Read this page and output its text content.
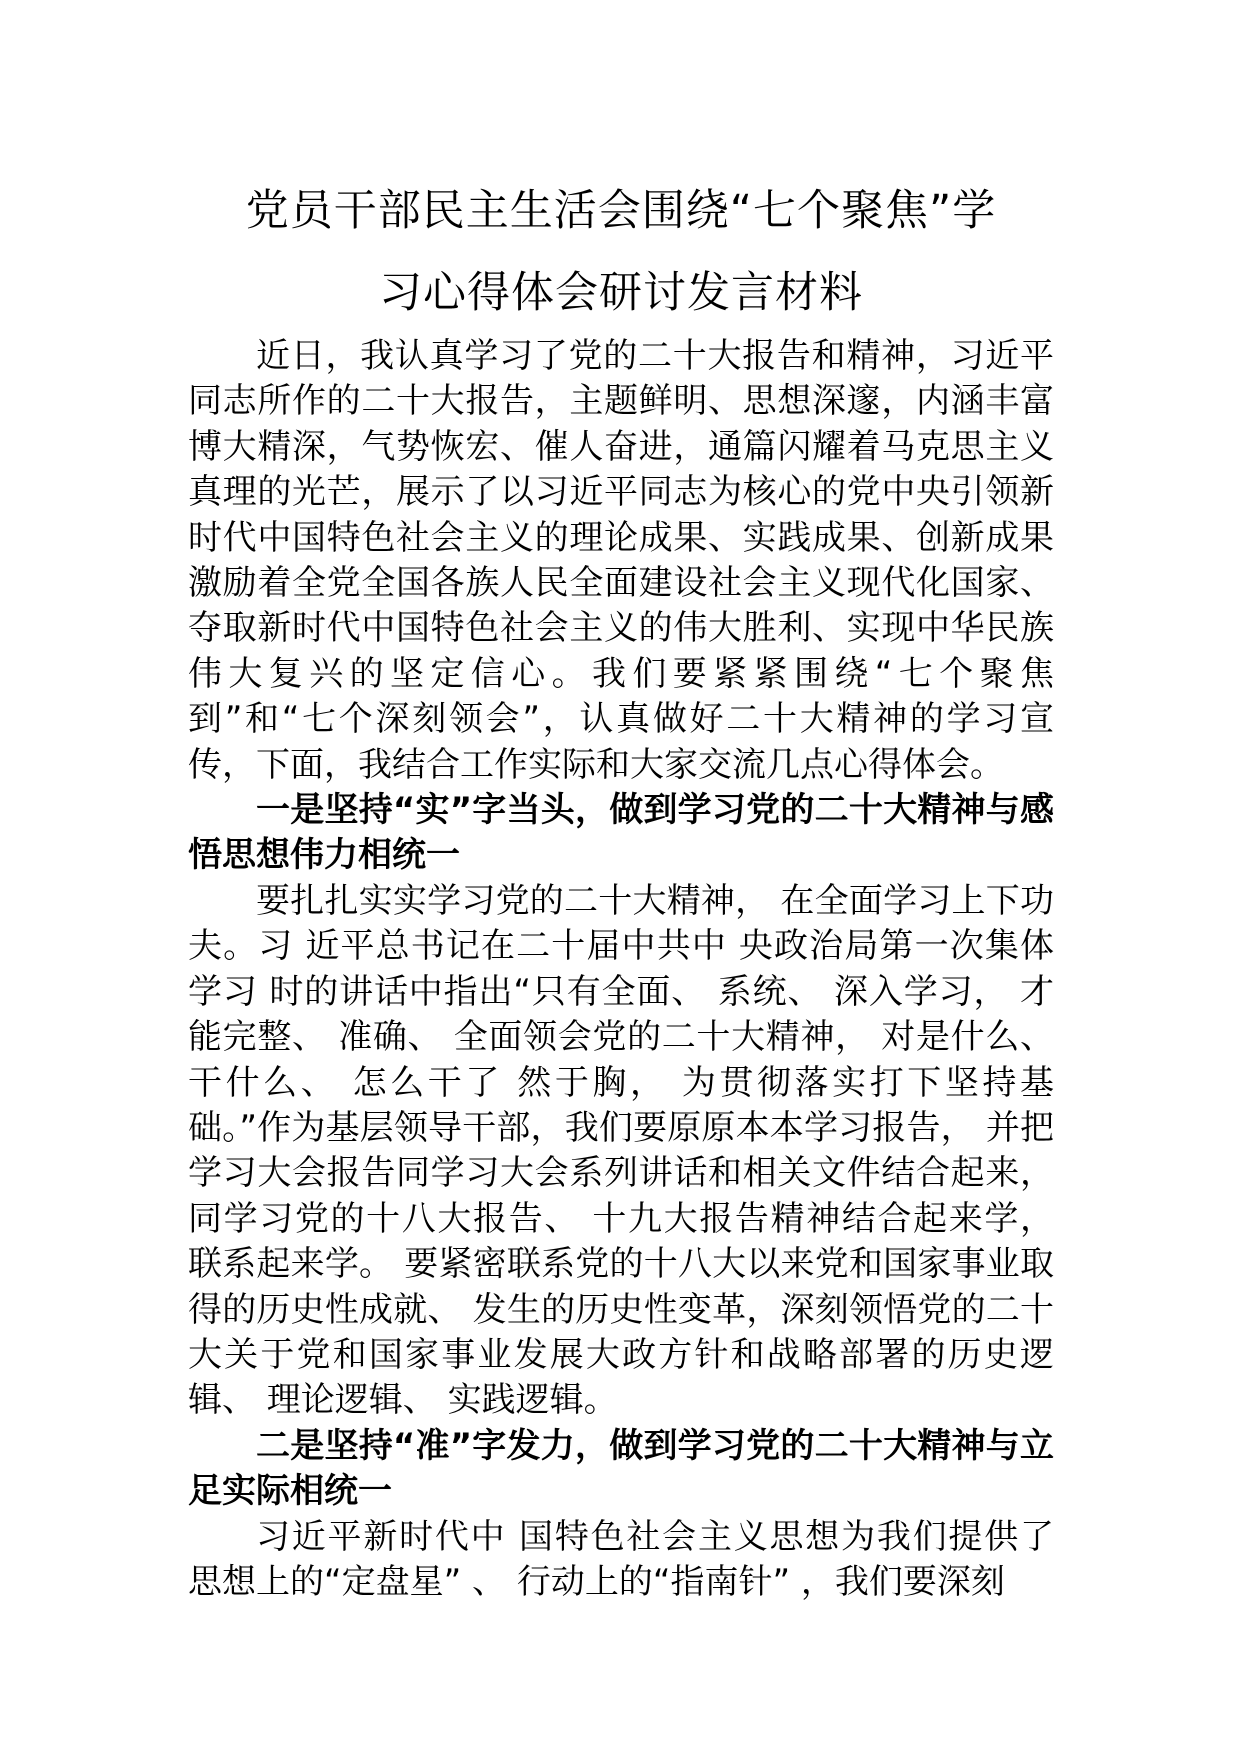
党员干部民主生活会围绕“七个聚焦”学
习心得体会研讨发言材料

近日，我认真学习了党的二十大报告和精神，习近平同志所作的二十大报告，主题鲜明、思想深邃，内涵丰富博大精深，气势恢宏、催人奋进，通篇闪耀着马克思主义真理的光芒，展示了以习近平同志为核心的党中央引领新时代中国特色社会主义的理论成果、实践成果、创新成果激励着全党全国各族人民全面建设社会主义现代化国家、夺取新时代中国特色社会主义的伟大胜利、实现中华民族伟大复兴的坚定信心。我们要紧紧围绕“七个聚焦到”和“七个深刻领会”，认真做好二十大精神的学习宣传，下面，我结合工作实际和大家交流几点心得体会。

一是坚持“实”字当头，做到学习党的二十大精神与感悟思想伟力相统一

要扎扎实实学习党的二十大精神， 在全面学习上下功夫。习 近平总书记在二十届中共中 央政治局第一次集体学习 时的讲话中指出“只有全面、 系统、 深入学习， 才能完整、 准确、 全面领会党的二十大精神， 对是什么、 干什么、 怎么干了 然于胸， 为贯彻落实打下坚持基础。”作为基层领导干部，我们要原原本本学习报告， 并把学习大会报告同学习大会系列讲话和相关文件结合起来， 同学习党的十八大报告、 十九大报告精神结合起来学， 联系起来学。 要紧密联系党的十八大以来党和国家事业取得的历史性成就、 发生的历史性变革，深刻领悟党的二十大关于党和国家事业发展大政方针和战略部署的历史逻辑、 理论逻辑、 实践逻辑。

二是坚持“准”字发力，做到学习党的二十大精神与立足实际相统一

习近平新时代中 国特色社会主义思想为我们提供了 思想上的“定盘星” 、 行动上的“指南针” ，我们要深刻
